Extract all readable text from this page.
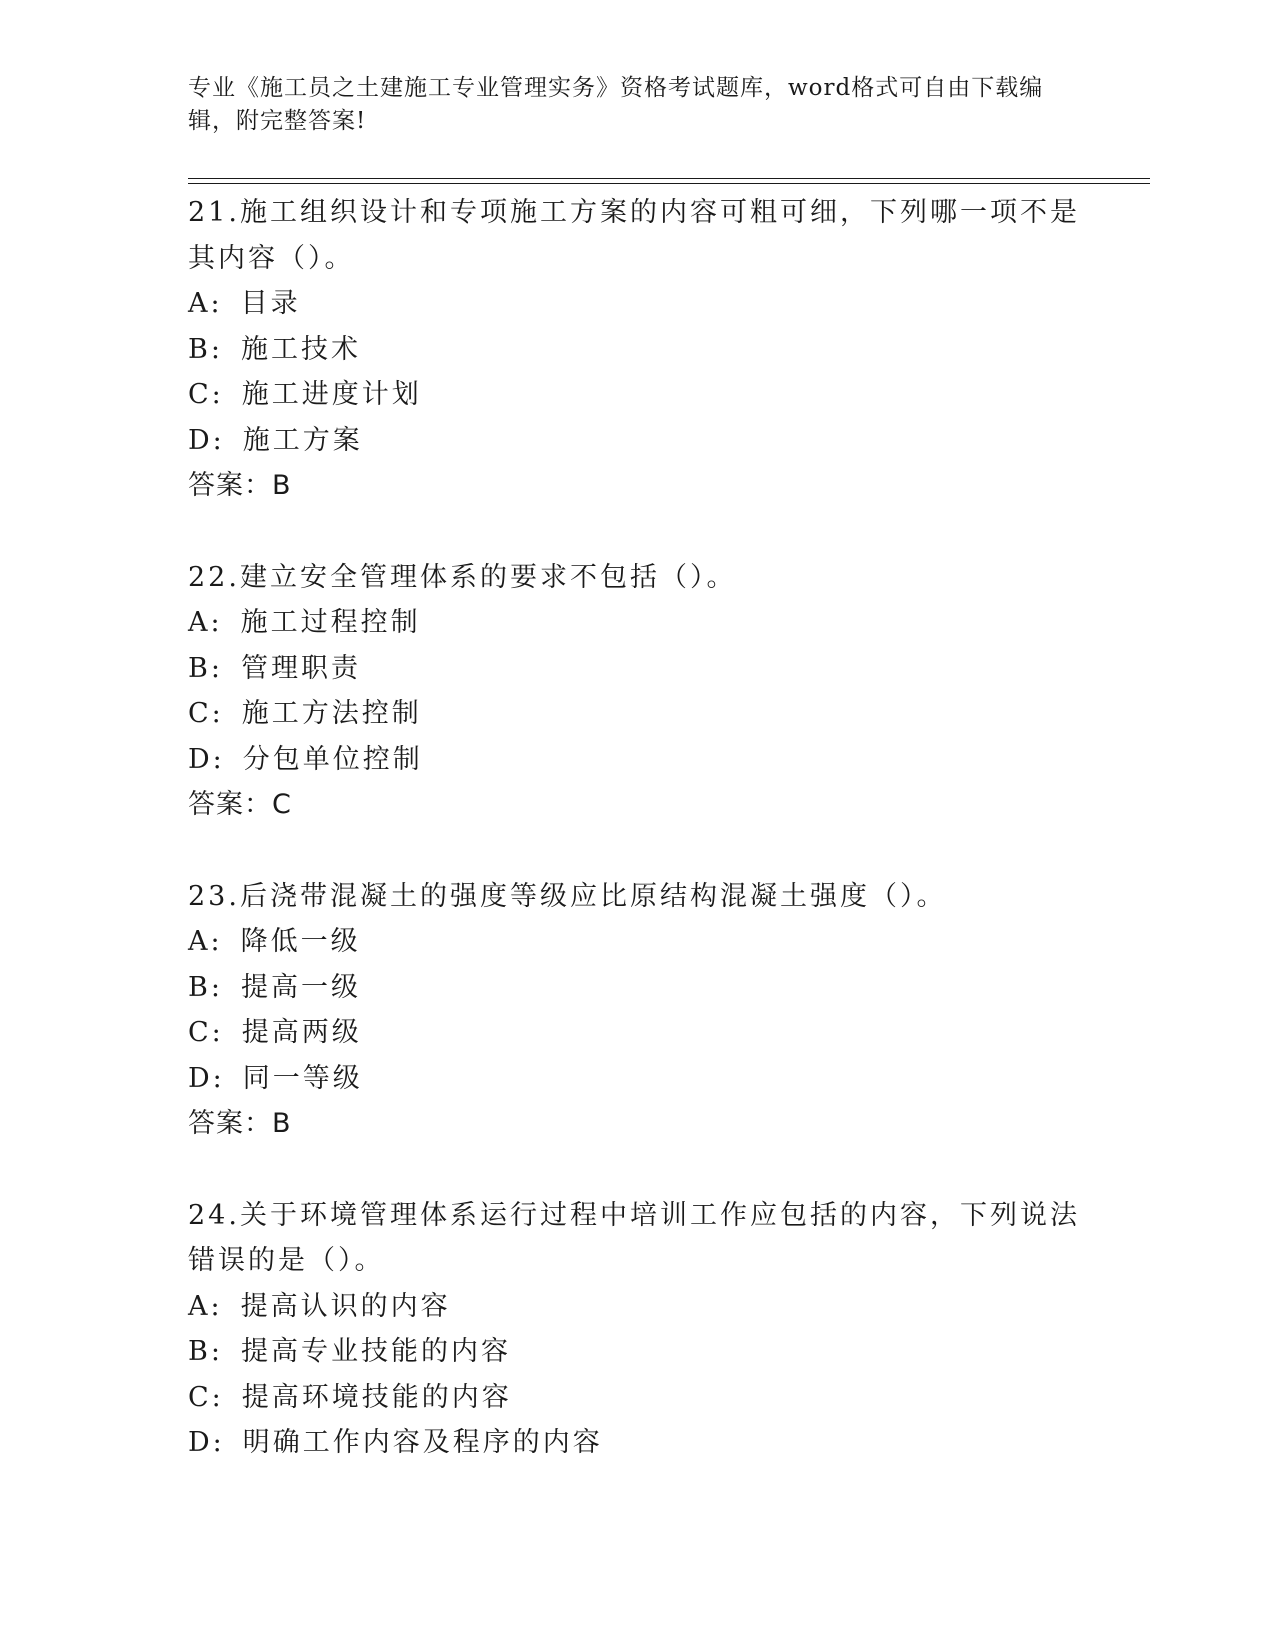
专业《施工员之土建施工专业管理实务》资格考试题库，word格式可自由下载编
辑，附完整答案!

21.施工组织设计和专项施工方案的内容可粗可细，下列哪一项不是其内容（）。

A: 目录

B: 施工技术

C: 施工进度计划

D: 施工方案

答案：B

22.建立安全管理体系的要求不包括（）。

A: 施工过程控制

B: 管理职责

C: 施工方法控制

D: 分包单位控制

答案：C

23.后浇带混凝土的强度等级应比原结构混凝土强度（）。

A: 降低一级

B: 提高一级

C: 提高两级

D: 同一等级

答案：B

24.关于环境管理体系运行过程中培训工作应包括的内容，下列说法错误的是（）。

A: 提高认识的内容

B: 提高专业技能的内容

C: 提高环境技能的内容

D: 明确工作内容及程序的内容
